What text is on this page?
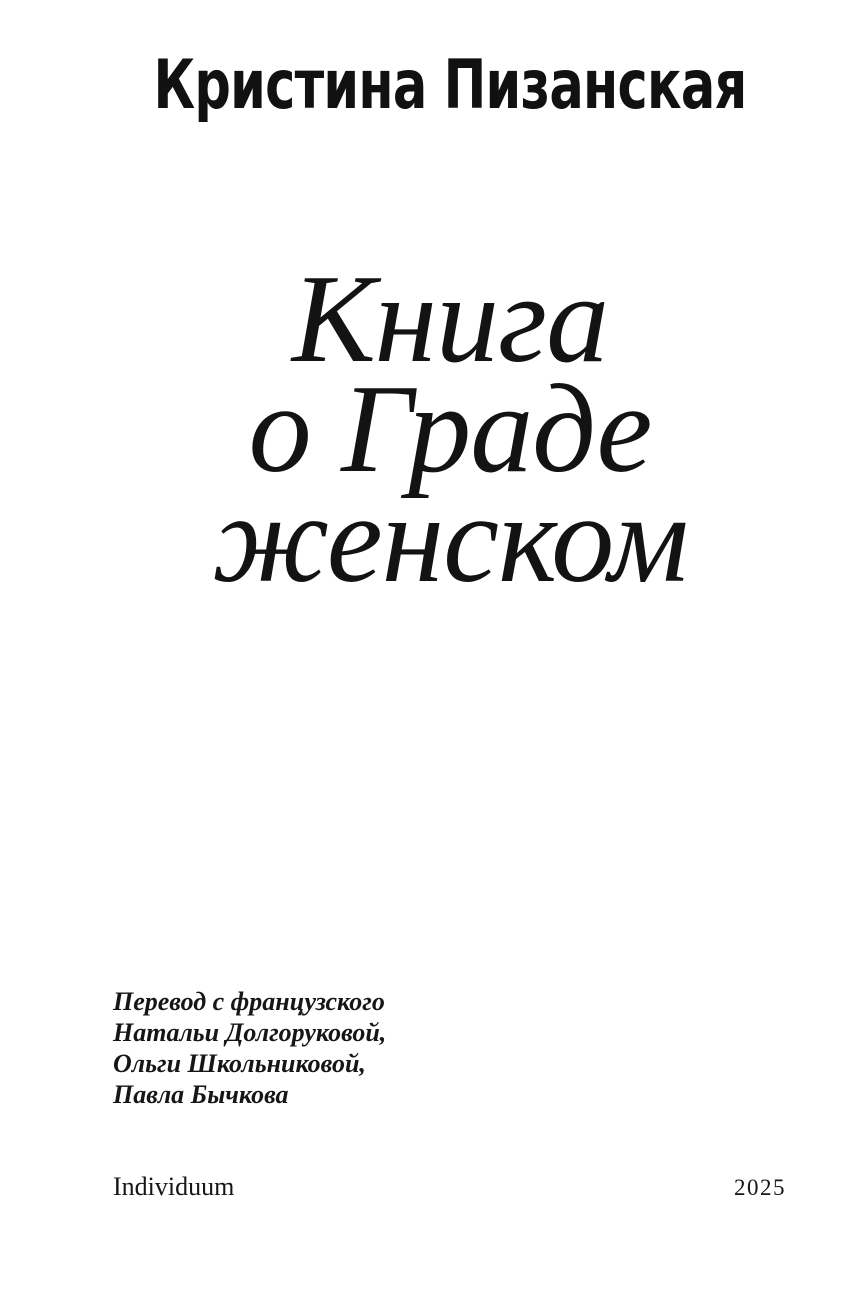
Кристина Пизанская
Книга
о Граде
женском

Перевод с французского

Натальи Долгоруковой,

Ольги Школьниковой,

Павла Бычкова

Individuum	2025
